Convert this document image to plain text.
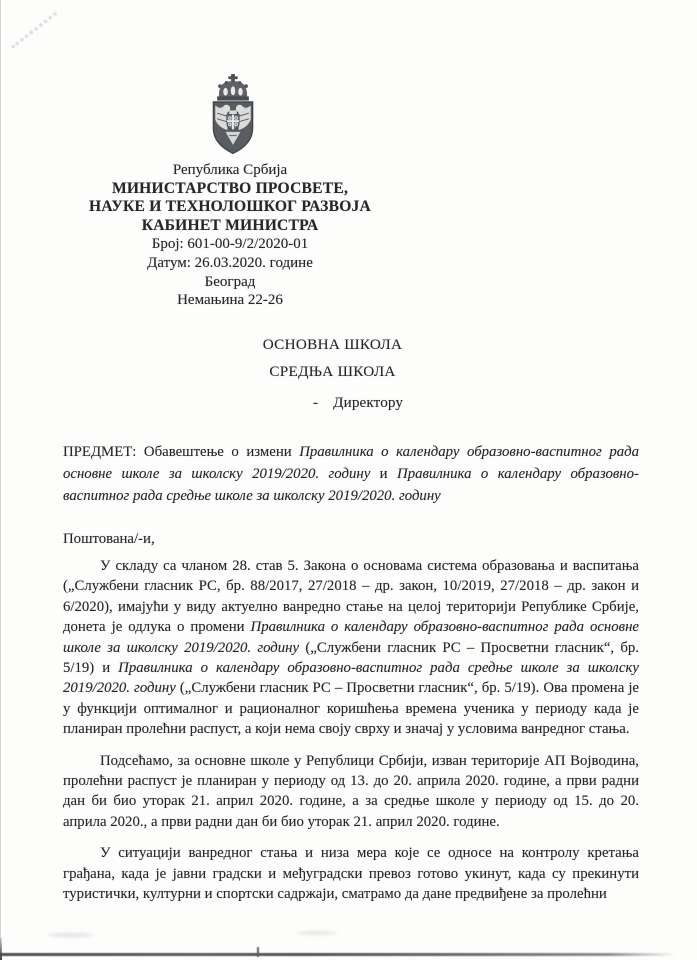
Република Србија
МИНИСТАРСТВО ПРОСВЕТЕ,
НАУКЕ И ТЕХНОЛОШКОГ РАЗВОЈА
КАБИНЕТ МИНИСТРА
Број: 601-00-9/2/2020-01
Датум: 26.03.2020. године
Београд
Немањина 22-26
ОСНОВНА ШКОЛА
СРЕДЊА ШКОЛА
- Директору
ПРЕДМЕТ: Обавештење о измени Правилника о календару образовно-васпитног рада основне школе за школску 2019/2020. годину и Правилника о календару образовно-васпитног рада средње школе за школску 2019/2020. годину
Поштована/-и,

У складу са чланом 28. став 5. Закона о основама система образовања и васпитања („Службени гласник РС, бр. 88/2017, 27/2018 – др. закон, 10/2019, 27/2018 – др. закон и 6/2020), имајући у виду актуелно ванредно стање на целој територији Републике Србије, донета је одлука о промени Правилника о календару образовно-васпитног рада основне школе за школску 2019/2020. годину („Службени гласник РС – Просветни гласник“, бр. 5/19) и Правилника о календару образовно-васпитног рада средње школе за школску 2019/2020. годину („Службени гласник РС – Просветни гласник“, бр. 5/19). Ова промена је у функцији оптималног и рационалног коришћења времена ученика у периоду када је планиран пролећни распуст, а који нема своју сврху и значај у условима ванредног стања.

Подсећамо, за основне школе у Републици Србији, изван територије АП Војводина, пролећни распуст је планиран у периоду од 13. до 20. априла 2020. године, а први радни дан би био уторак 21. април 2020. године, а за средње школе у периоду од 15. до 20. априла 2020., а први радни дан би био уторак 21. април 2020. године.

У ситуацији ванредног стања и низа мера које се односе на контролу кретања грађана, када је јавни градски и међуградски превоз готово укинут, када су прекинути туристички, културни и спортски садржаји, сматрамо да дане предвиђене за пролећни
